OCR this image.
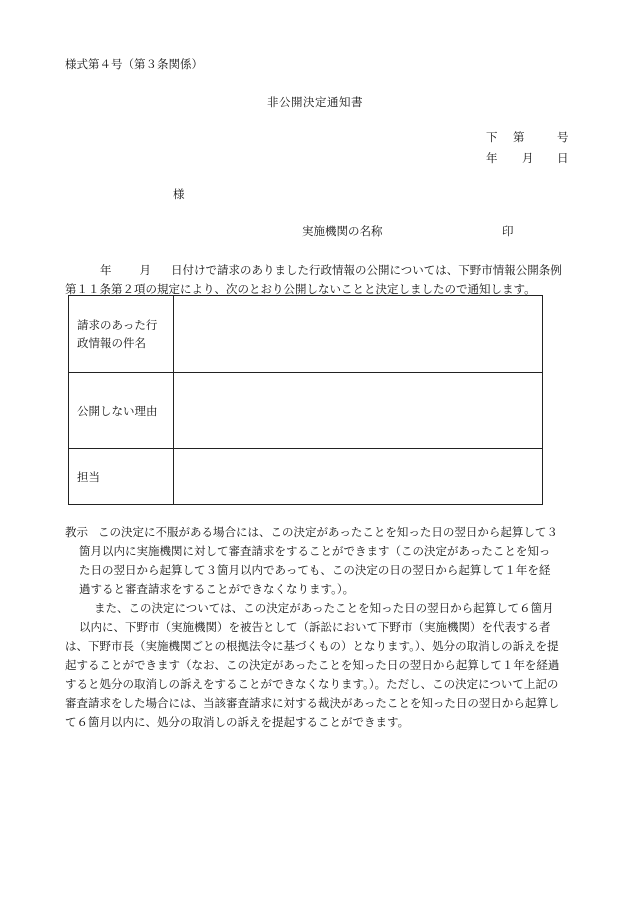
様式第４号（第３条関係）
非公開決定通知書
下 第	号
年 月 日
様
実施機関の名称	印
年 月 日付けで請求のありました行政情報の公開については、下野市情報公開条例
第１１条第２項の規定により、次のとおり公開しないことと決定しましたので通知します。
請求のあった行
政情報の件名	

公開しない理由	
担当	
教示 この決定に不服がある場合には、この決定があったことを知った日の翌日から起算して３
箇月以内に実施機関に対して審査請求をすることができます（この決定があったことを知っ
た日の翌日から起算して３箇月以内であっても、この決定の日の翌日から起算して１年を経
過すると審査請求をすることができなくなります。）。
また、この決定については、この決定があったことを知った日の翌日から起算して６箇月
以内に、下野市（実施機関）を被告として（訴訟において下野市（実施機関）を代表する者
は、下野市長（実施機関ごとの根拠法令に基づくもの）となります。）、処分の取消しの訴えを提
起することができます（なお、この決定があったことを知った日の翌日から起算して１年を経過
すると処分の取消しの訴えをすることができなくなります。）。ただし、この決定について上記の
審査請求をした場合には、当該審査請求に対する裁決があったことを知った日の翌日から起算し
て６箇月以内に、処分の取消しの訴えを提起することができます。
